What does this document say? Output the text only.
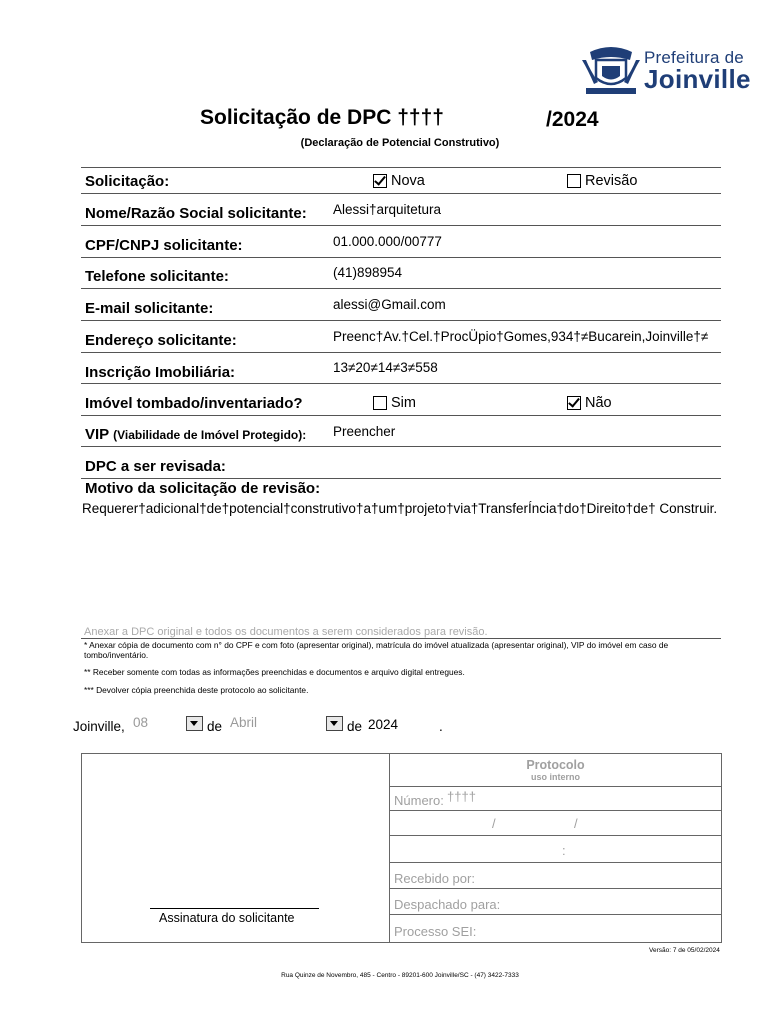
Prefeitura de
Joinville
Solicitação de DPC ††††	/2024
(Declaração de Potencial Construtivo)
Solicitação:	Nova	Revisão
Nome/Razão Social solicitante: Alessi†arquitetura
CPF/CNPJ solicitante:	01.000.000/00777
Telefone solicitante:	(41)898954
E-mail solicitante:	alessi@Gmail.com
Endereço solicitante:	Preenc†Av.†Cel.†ProcÜpio†Gomes,934†≠Bucarein,Joinville†≠
Inscrição Imobiliária:	13≠20≠14≠3≠558
Imóvel tombado/inventariado?	Sim	Não
VIP (Viabilidade de Imóvel Protegido): Preencher
DPC a ser revisada:
Motivo da solicitação de revisão:
Requerer†adicional†de†potencial†construtivo†a†um†projeto†via†TransferÍncia†do†Direito†de† Construir.
Anexar a DPC original e todos os documentos a serem considerados para revisão.
* Anexar cópia de documento com n° do CPF e com foto (apresentar original), matrícula do imóvel atualizada (apresentar original), VIP do imóvel em caso de tombo/inventário.
** Receber somente com todas as informações preenchidas e documentos e arquivo digital entregues.
*** Devolver cópia preenchida deste protocolo ao solicitante.
Joinville, 08	de Abril	de 2024	.
Protocolo
uso interno
Número: ††††
/	/
:
Recebido por:
Despachado para:
Processo SEI:
Assinatura do solicitante
Versão: 7 de 05/02/2024
Rua Quinze de Novembro, 485 - Centro - 89201-600 Joinville/SC - (47) 3422-7333
